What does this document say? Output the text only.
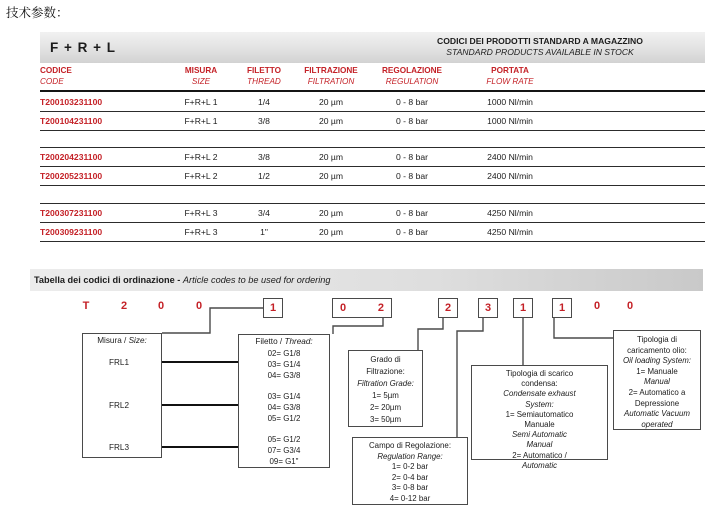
技术参数：
F + R + L	CODICI DEI PRODOTTI STANDARD A MAGAZZINO
STANDARD PRODUCTS AVAILABLE IN STOCK
CODICE	MISURA	FILETTO	FILTRAZIONE	REGOLAZIONE	PORTATA
CODE	SIZE	THREAD	FILTRATION	REGULATION	FLOW RATE
T200103231100	F+R+L 1	1/4	20 µm	0 - 8 bar	1000 Nl/min
T200104231100	F+R+L 1	3/8	20 µm	0 - 8 bar	1000 Nl/min
T200204231100	F+R+L 2	3/8	20 µm	0 - 8 bar	2400 Nl/min
T200205231100	F+R+L 2	1/2	20 µm	0 - 8 bar	2400 Nl/min
T200307231100	F+R+L 3	3/4	20 µm	0 - 8 bar	4250 Nl/min
T200309231100	F+R+L 3	1"	20 µm	0 - 8 bar	4250 Nl/min
Tabella dei codici di ordinazione - Article codes to be used for ordering
T	2	0	0	1	0	2	2	3	1	1	0	0
Misura / Size:
FRL1
FRL2
FRL3
Filetto / Thread:
02= G1/8
03= G1/4
04= G3/8
03= G1/4
04= G3/8
05= G1/2
05= G1/2
07= G3/4
09= G1"
Grado di
Filtrazione:
Filtration Grade:
1= 5µm
2= 20µm
3= 50µm
Campo di Regolazione:
Regulation Range:
1= 0-2 bar
2= 0-4 bar
3= 0-8 bar
4= 0-12 bar
Tipologia di scarico
condensa:
Condensate exhaust
System:
1= Semiautomatico
Manuale
Semi Automatic
Manual
2= Automatico /
Automatic
Tipologia di
caricamento olio:
Oil loading System:
1= Manuale
Manual
2= Automatico a
Depressione
Automatic Vacuum
operated
